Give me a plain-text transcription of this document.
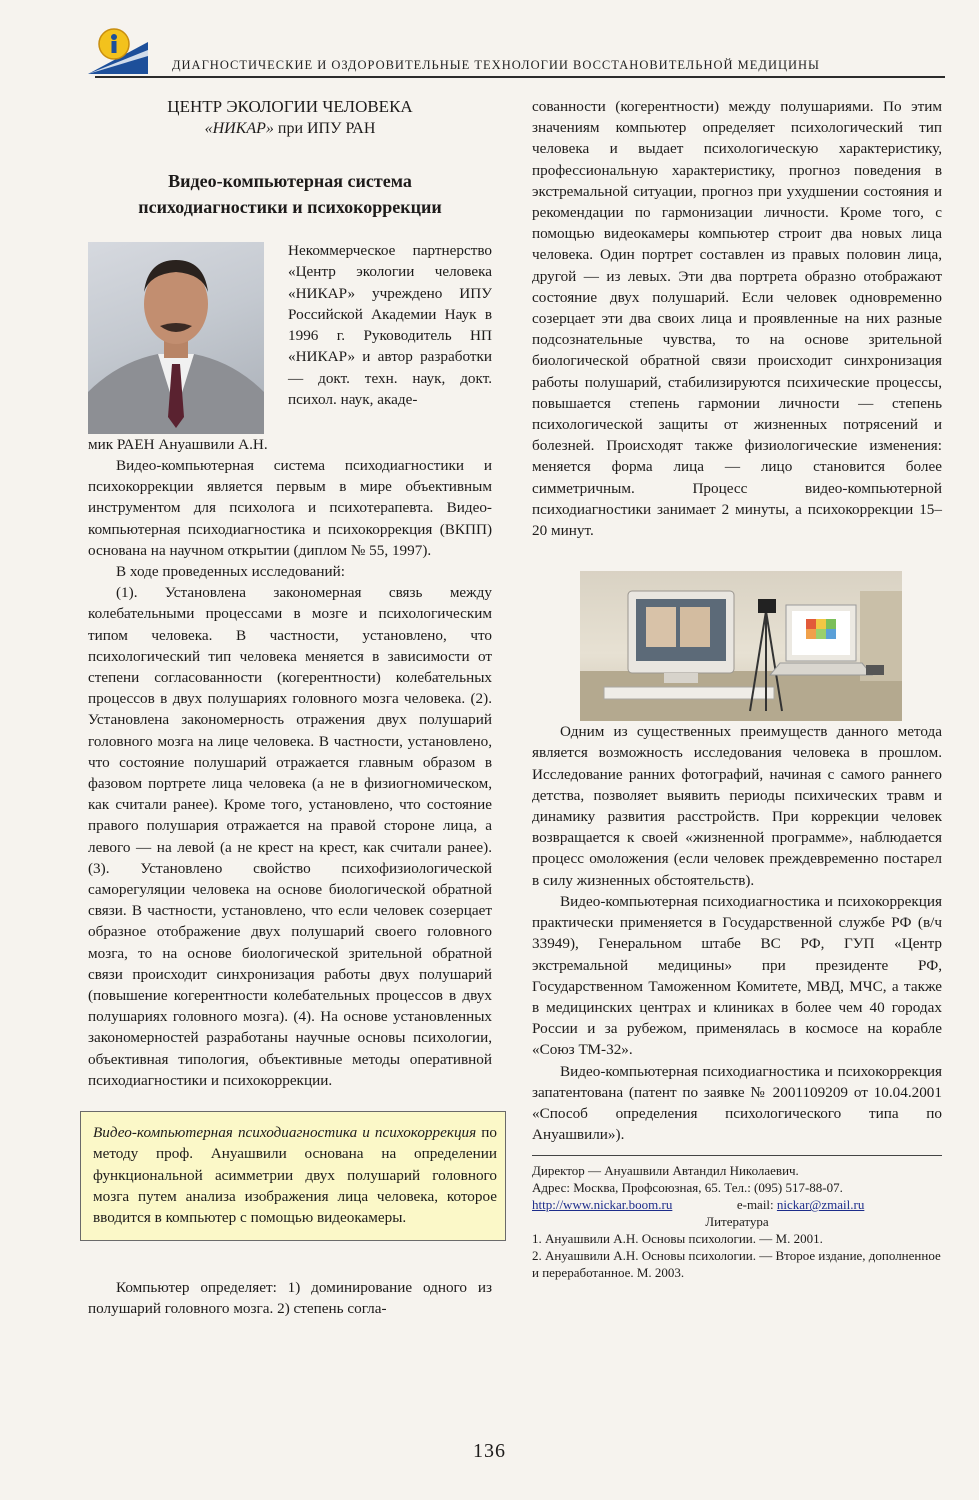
ДИАГНОСТИЧЕСКИЕ И ОЗДОРОВИТЕЛЬНЫЕ ТЕХНОЛОГИИ ВОССТАНОВИТЕЛЬНОЙ МЕДИЦИНЫ

ЦЕНТР ЭКОЛОГИИ ЧЕЛОВЕКА

«НИКАР» при ИПУ РАН

Видео-компьютерная система
психодиагностики и психокоррекции

Некоммерческое партнерство «Центр экологии человека «НИКАР» учреждено ИПУ Российской Академии Наук в 1996 г. Руководитель НП «НИКАР» и автор разработки — докт. техн. наук, докт. психол. наук, акаде-
мик РАЕН Ануашвили А.Н.

Видео-компьютерная система психодиагностики и психокоррекции является первым в мире объективным инструментом для психолога и психотерапевта. Видео-компьютерная психодиагностика и психокоррекция (ВКПП) основана на научном открытии (диплом № 55, 1997).

В ходе проведенных исследований:

(1). Установлена закономерная связь между колебательными процессами в мозге и психологическим типом человека. В частности, установлено, что психологический тип человека меняется в зависимости от степени согласованности (когерентности) колебательных процессов в двух полушариях головного мозга человека. (2). Установлена закономерность отражения двух полушарий головного мозга на лице человека. В частности, установлено, что состояние полушарий отражается главным образом в фазовом портрете лица человека (а не в физиогномическом, как считали ранее). Кроме того, установлено, что состояние правого полушария отражается на правой стороне лица, а левого — на левой (а не крест на крест, как считали ранее). (3). Установлено свойство психофизиологической саморегуляции человека на основе биологической обратной связи. В частности, установлено, что если человек созерцает образное отображение двух полушарий своего головного мозга, то на основе биологической зрительной обратной связи происходит синхронизация работы двух полушарий (повышение когерентности колебательных процессов в двух полушариях головного мозга). (4). На основе установленных закономерностей разработаны научные основы психологии, объективная типология, объективные методы оперативной психодиагностики и психокоррекции.

Видео-компьютерная психодиагностика и психокоррекция по методу проф. Ануашвили основана на определении функциональной асимметрии двух полушарий головного мозга путем анализа изображения лица человека, которое вводится в компьютер с помощью видеокамеры.

Компьютер определяет: 1) доминирование одного из полушарий головного мозга. 2) степень согла-

сованности (когерентности) между полушариями. По этим значениям компьютер определяет психологический тип человека и выдает психологическую характеристику, профессиональную характеристику, прогноз поведения в экстремальной ситуации, прогноз при ухудшении состояния и рекомендации по гармонизации личности. Кроме того, с помощью видеокамеры компьютер строит два новых лица человека. Один портрет составлен из правых половин лица, другой — из левых. Эти два портрета образно отображают состояние двух полушарий. Если человек одновременно созерцает эти два своих лица и проявленные на них разные подсознательные чувства, то на основе зрительной биологической обратной связи происходит синхронизация работы полушарий, стабилизируются психические процессы, повышается степень гармонии личности — степень психологической защиты от жизненных потрясений и болезней. Происходят также физиологические изменения: меняется форма лица — лицо становится более симметричным. Процесс видео-компьютерной психодиагностики занимает 2 минуты, а психокоррекции 15–20 минут.

Одним из существенных преимуществ данного метода является возможность исследования человека в прошлом. Исследование ранних фотографий, начиная с самого раннего детства, позволяет выявить периоды психических травм и динамику развития расстройств. При коррекции человек возвращается к своей «жизненной программе», наблюдается процесс омоложения (если человек преждевременно постарел в силу жизненных обстоятельств).

Видео-компьютерная психодиагностика и психокоррекция практически применяется в Государственной службе РФ (в/ч 33949), Генеральном штабе ВС РФ, ГУП «Центр экстремальной медицины» при президенте РФ, Государственном Таможенном Комитете, МВД, МЧС, а также в медицинских центрах и клиниках в более чем 40 городах России и за рубежом, применялась в космосе на корабле «Союз ТМ-32».

Видео-компьютерная психодиагностика и психокоррекция запатентована (патент по заявке № 2001109209 от 10.04.2001 «Способ определения психологического типа по Ануашвили»).

Директор — Ануашвили Автандил Николаевич.
Адрес: Москва, Профсоюзная, 65. Тел.: (095) 517-88-07.
http://www.nickar.boom.ru	e-mail: nickar@zmail.ru
Литература
1. Ануашвили А.Н. Основы психологии. — М. 2001.
2. Ануашвили А.Н. Основы психологии. — Второе издание, дополненное и переработанное. М. 2003.
136
